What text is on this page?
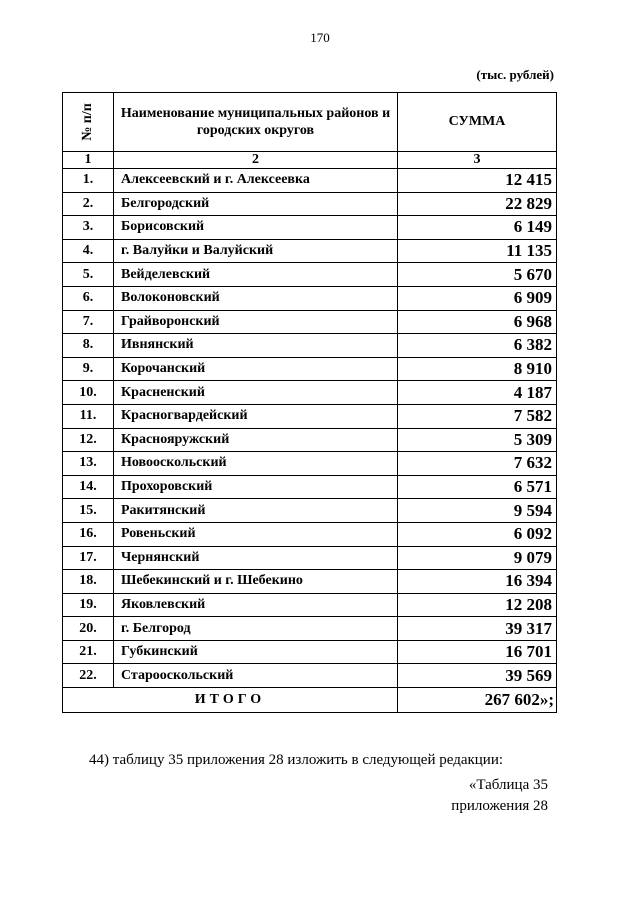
170
(тыс. рублей)
№ п/п	Наименование муниципальных районов и городских округов	СУММА
1	2	3
1.	Алексеевский и г. Алексеевка	12 415
2.	Белгородский	22 829
3.	Борисовский	6 149
4.	г. Валуйки и Валуйский	11 135
5.	Вейделевский	5 670
6.	Волоконовский	6 909
7.	Грайворонский	6 968
8.	Ивнянский	6 382
9.	Корочанский	8 910
10.	Красненский	4 187
11.	Красногвардейский	7 582
12.	Краснояружский	5 309
13.	Новооскольский	7 632
14.	Прохоровский	6 571
15.	Ракитянский	9 594
16.	Ровеньский	6 092
17.	Чернянский	9 079
18.	Шебекинский и г. Шебекино	16 394
19.	Яковлевский	12 208
20.	г. Белгород	39 317
21.	Губкинский	16 701
22.	Старооскольский	39 569
ИТОГО		267 602»;
44) таблицу 35 приложения 28 изложить в следующей редакции:
«Таблица 35
приложения 28
